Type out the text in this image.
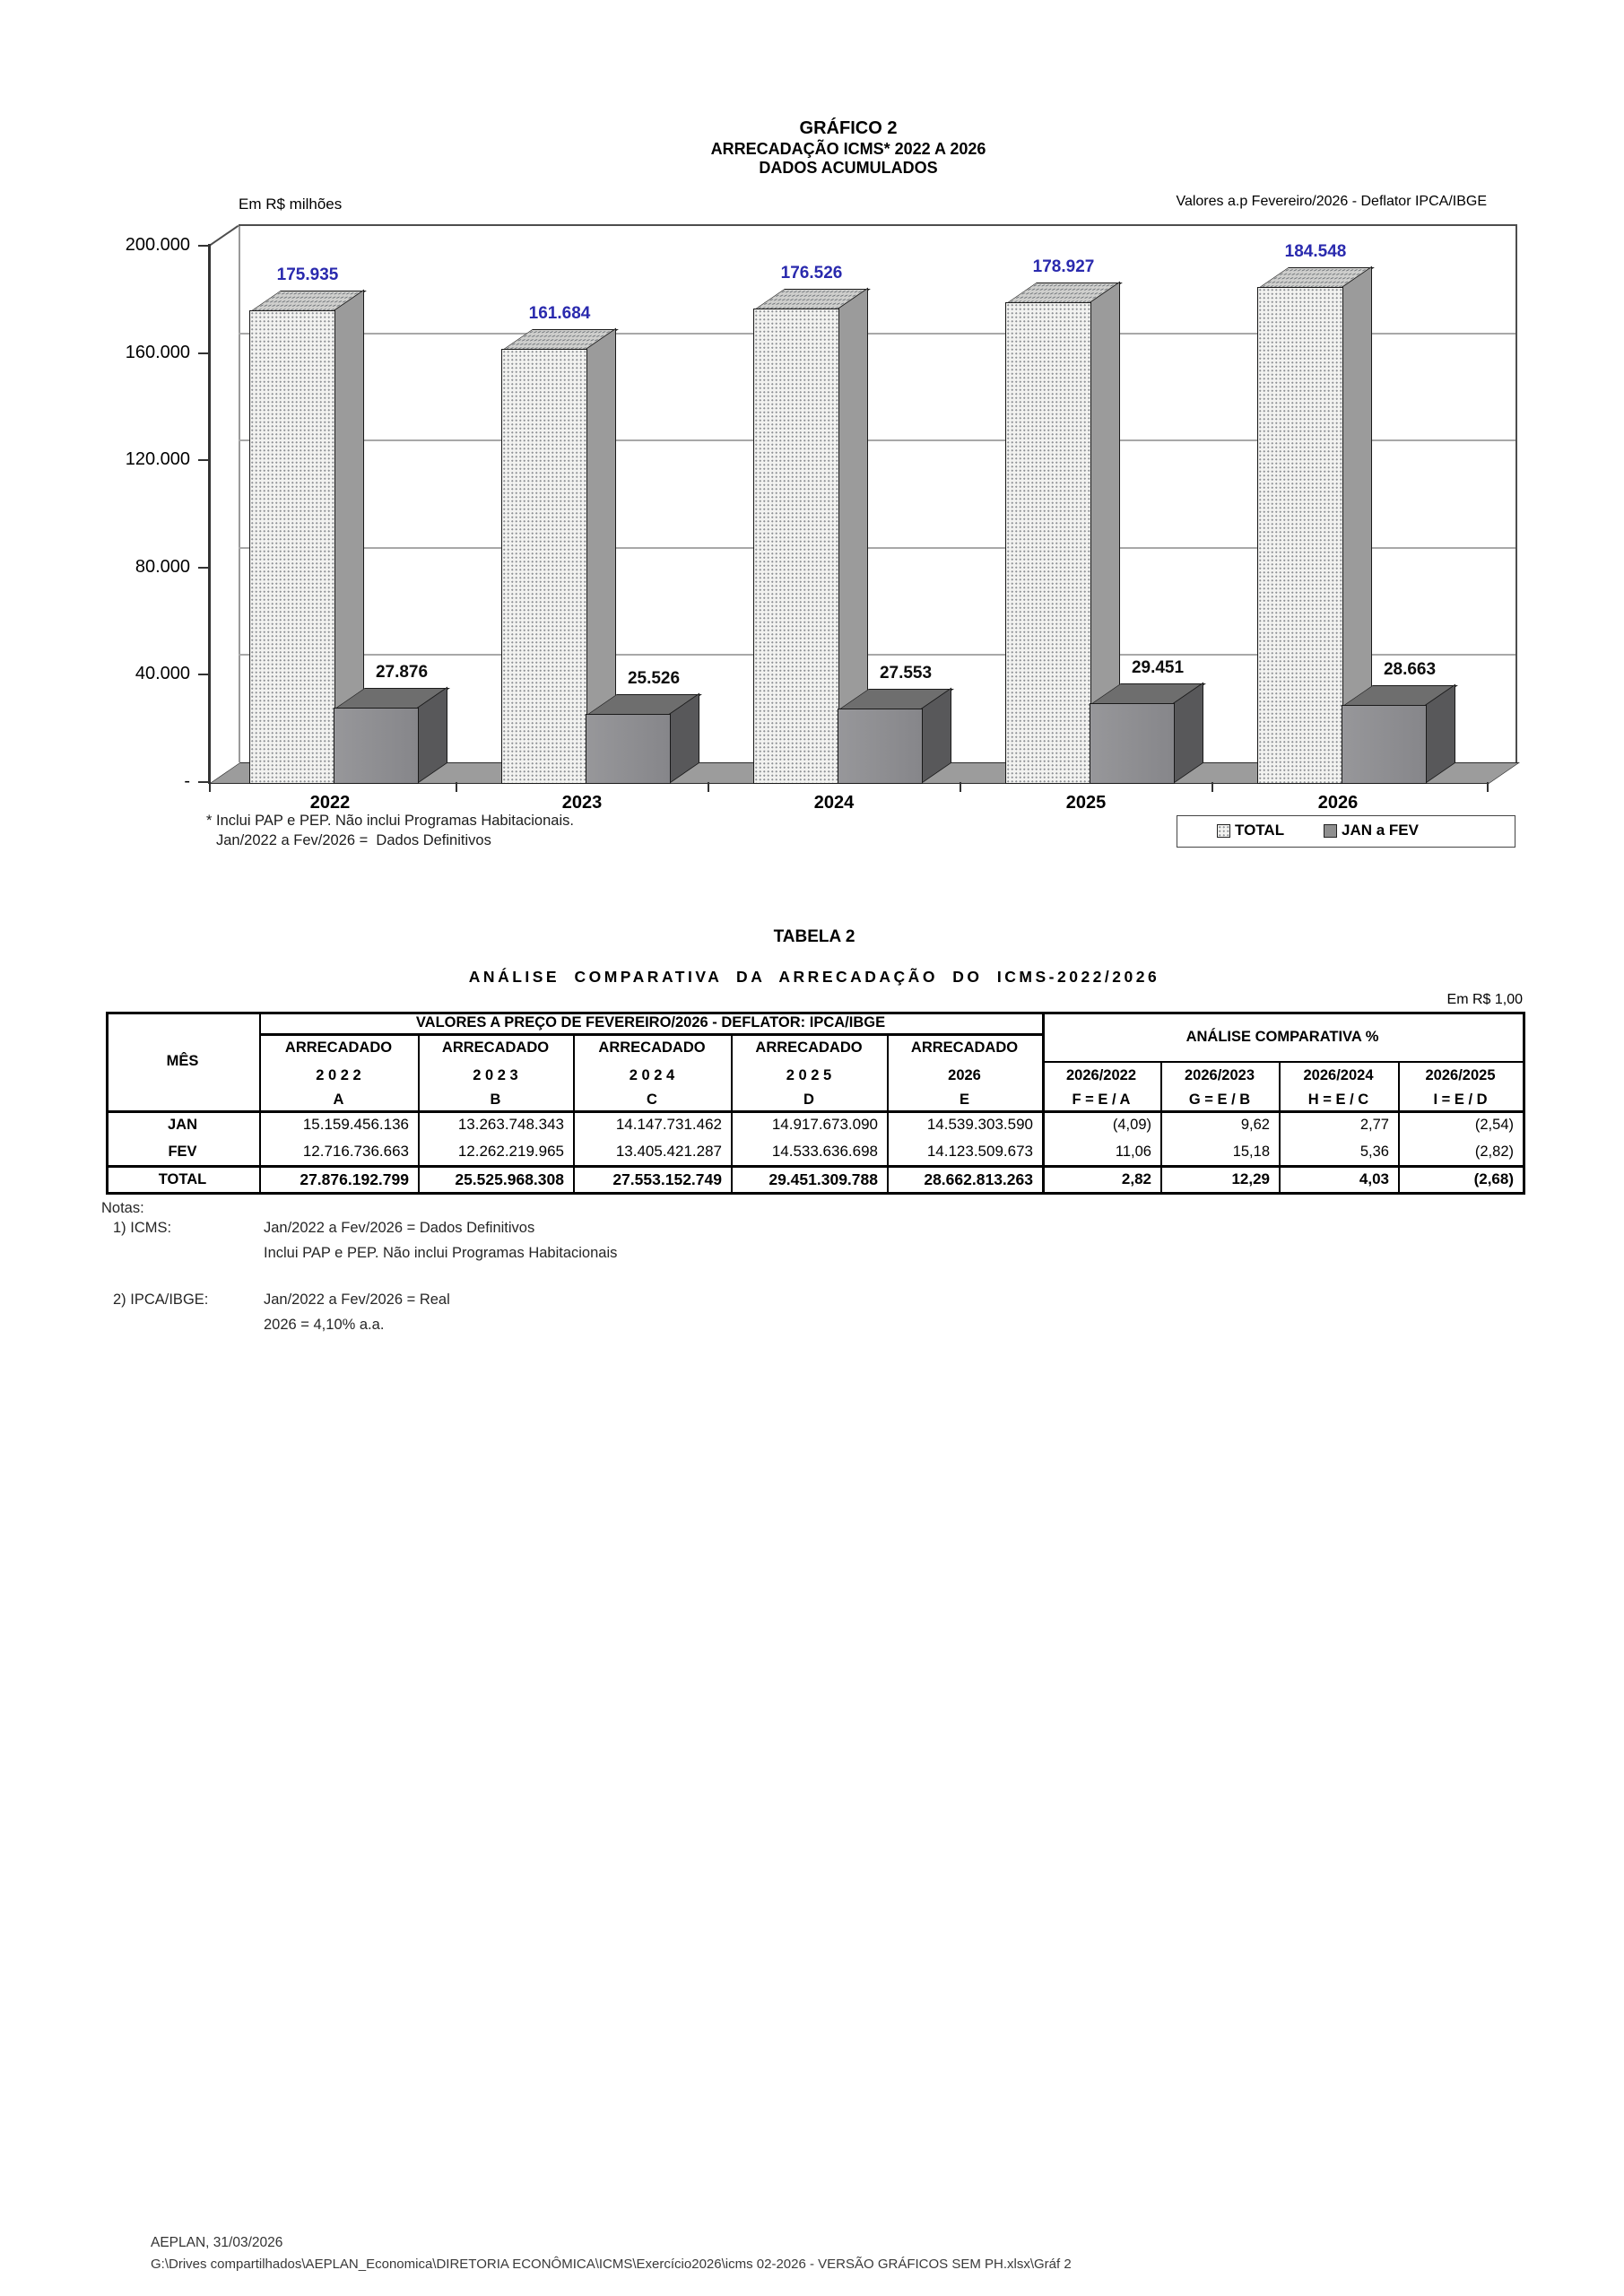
GRÁFICO 2
ARRECADAÇÃO ICMS* 2022 A 2026
DADOS ACUMULADOS
Em R$ milhões	Valores a.p Fevereiro/2026 - Deflator IPCA/IBGE
200.000
160.000
120.000
80.000
40.000
-
175.935
27.876
2022
161.684
25.526
2023
176.526
27.553
2024
178.927
29.451
2025
184.548
28.663
2026
* Inclui PAP e PEP. Não inclui Programas Habitacionais.
Jan/2022 a Fev/2026 =  Dados Definitivos
TOTAL	JAN a FEV
TABELA 2
ANÁLISE COMPARATIVA DA ARRECADAÇÃO DO ICMS-2022/2026
Em R$ 1,00
MÊS
VALORES A PREÇO DE FEVEREIRO/2026 - DEFLATOR: IPCA/IBGE
ANÁLISE COMPARATIVA %
ARRECADADO
2 0 2 2
A
ARRECADADO
2 0 2 3
B
ARRECADADO
2 0 2 4
C
ARRECADADO
2 0 2 5
D
ARRECADADO
2026
E
2026/2022
F = E / A
2026/2023
G = E / B
2026/2024
H = E / C
2026/2025
I = E / D
JAN	15.159.456.136	13.263.748.343	14.147.731.462	14.917.673.090	14.539.303.590	(4,09)	9,62	2,77	(2,54)
FEV	12.716.736.663	12.262.219.965	13.405.421.287	14.533.636.698	14.123.509.673	11,06	15,18	5,36	(2,82)
TOTAL	27.876.192.799	25.525.968.308	27.553.152.749	29.451.309.788	28.662.813.263	2,82	12,29	4,03	(2,68)
Notas:
1) ICMS:	Jan/2022 a Fev/2026 = Dados Definitivos
Inclui PAP e PEP. Não inclui Programas Habitacionais
2) IPCA/IBGE:	Jan/2022 a Fev/2026 = Real
2026 = 4,10% a.a.
AEPLAN, 31/03/2026
G:\Drives compartilhados\AEPLAN_Economica\DIRETORIA ECONÔMICA\ICMS\Exercício2026\icms 02-2026 - VERSÃO GRÁFICOS SEM PH.xlsx\Gráf 2
